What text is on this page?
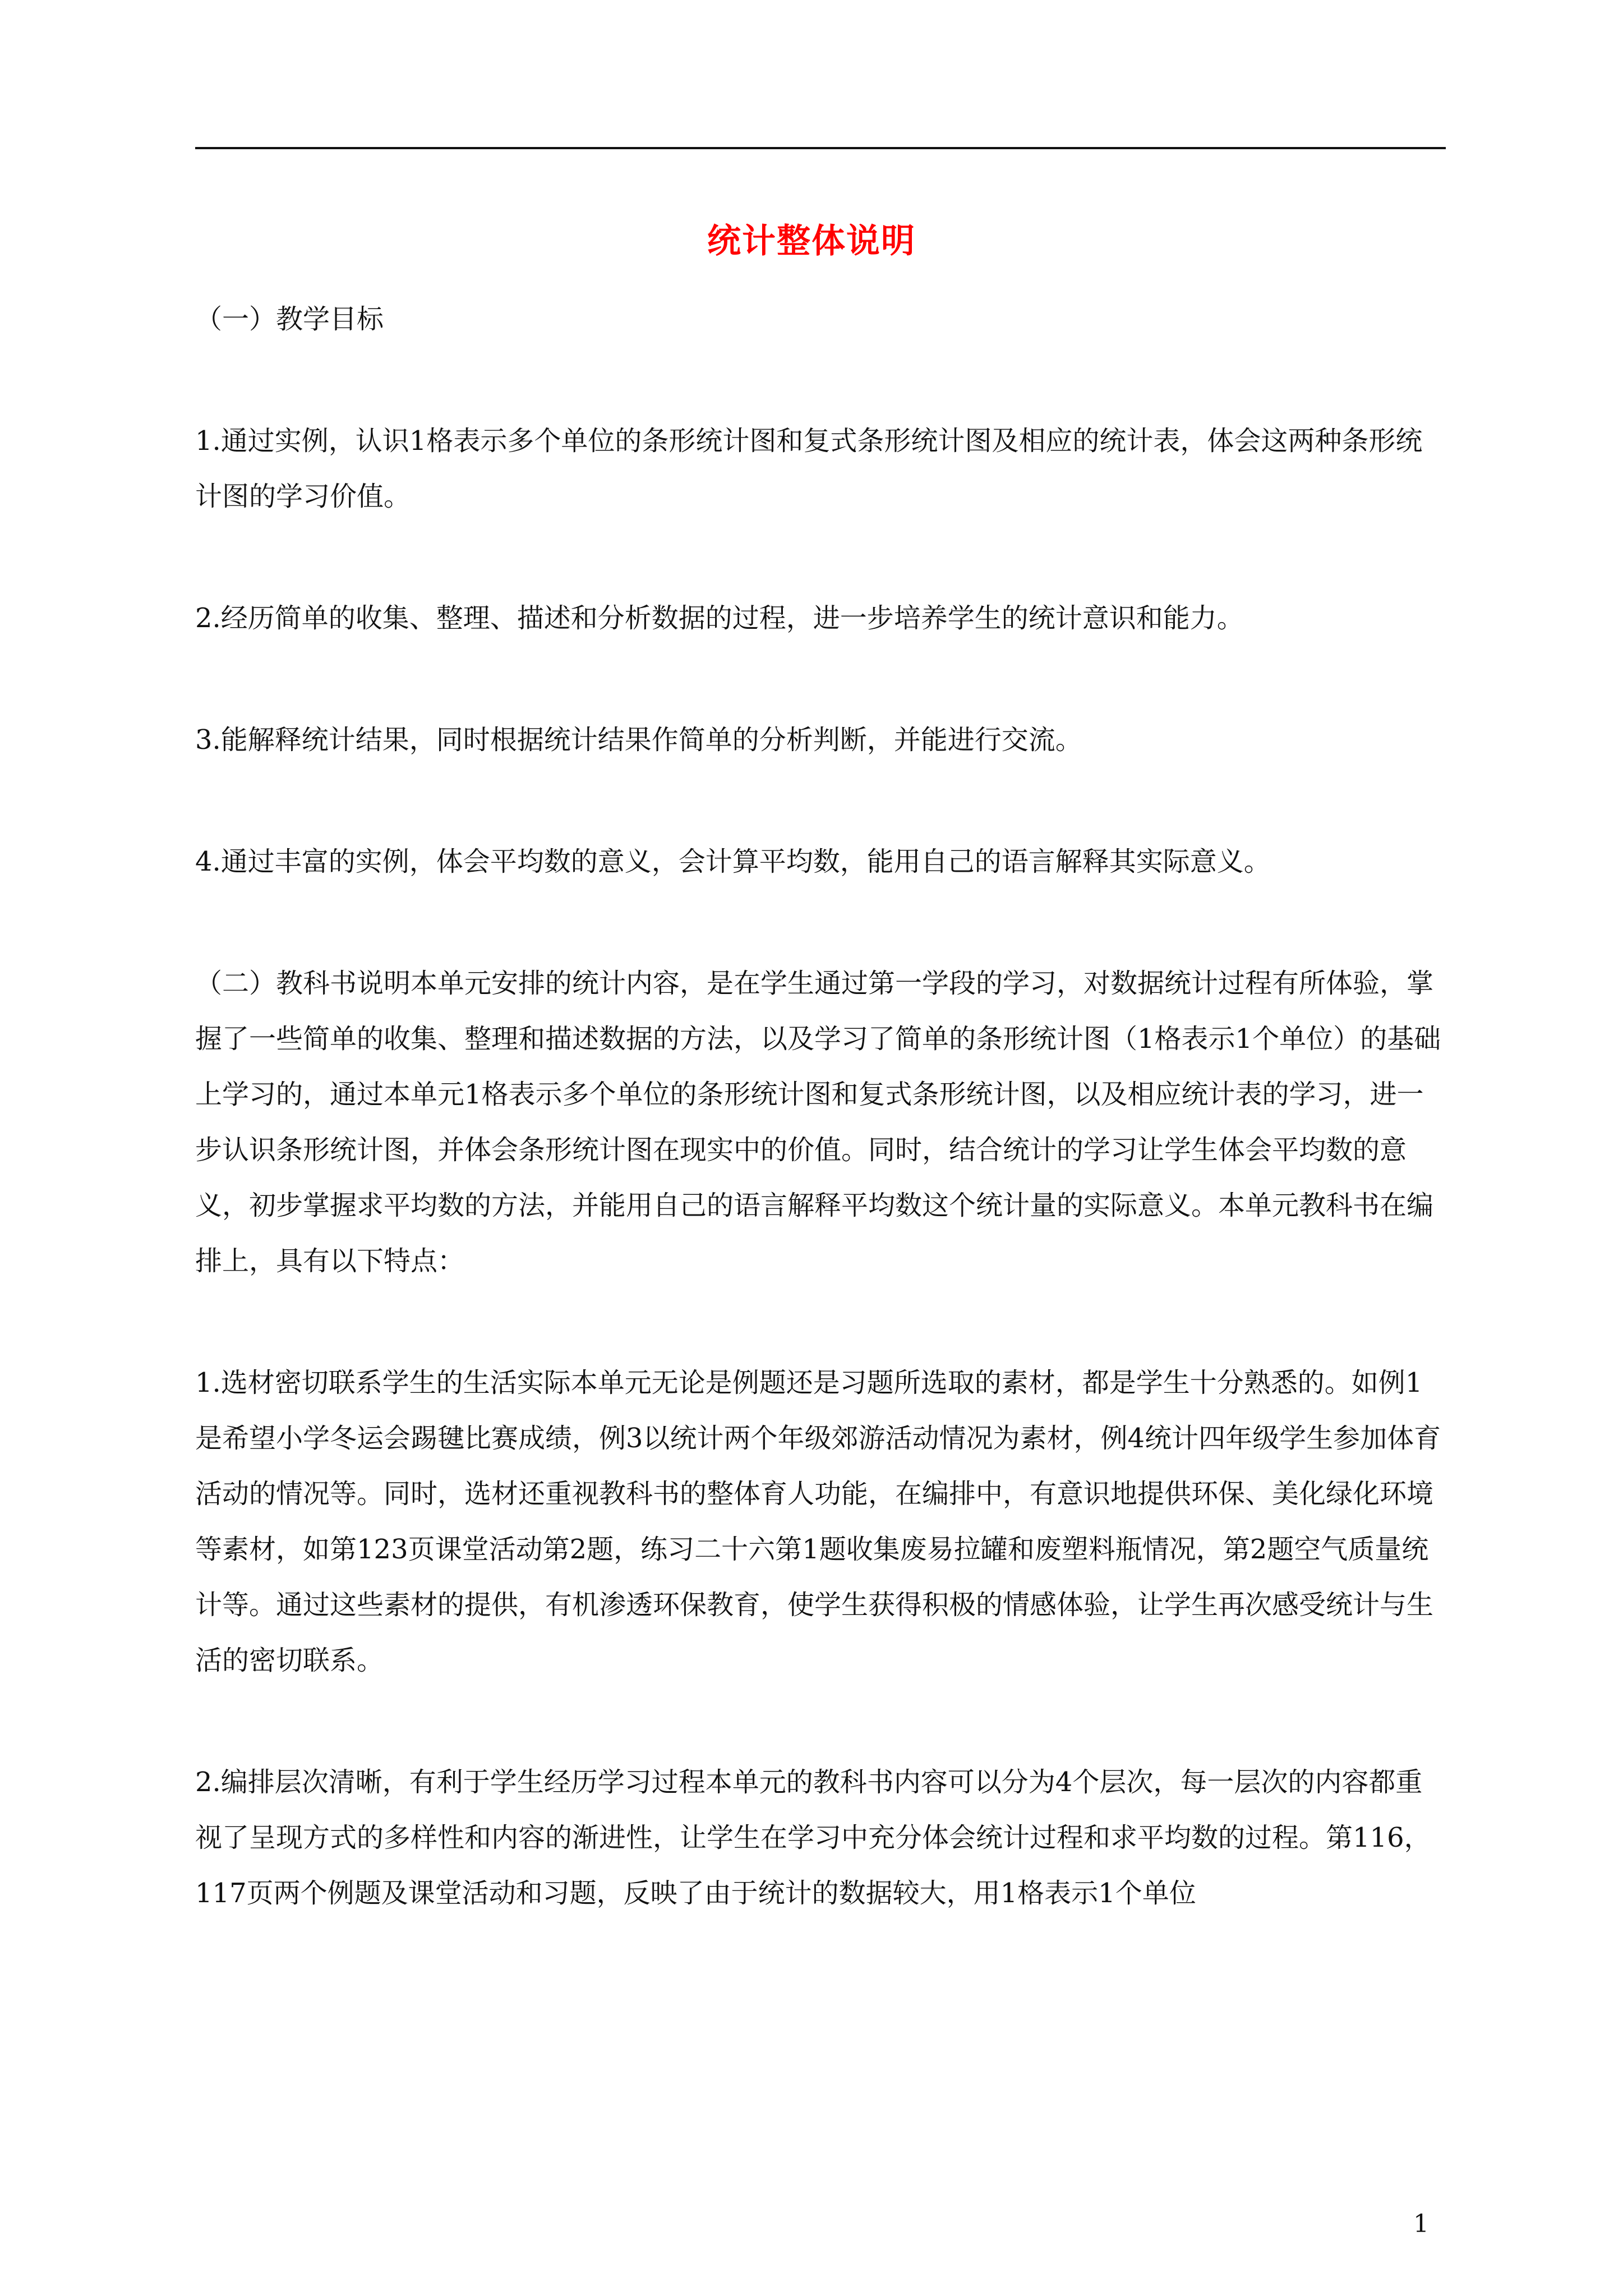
统计整体说明

（一）教学目标

1.通过实例，认识1格表示多个单位的条形统计图和复式条形统计图及相应的统计表，体会这两种条形统计图的学习价值。

2.经历简单的收集、整理、描述和分析数据的过程，进一步培养学生的统计意识和能力。

3.能解释统计结果，同时根据统计结果作简单的分析判断，并能进行交流。

4.通过丰富的实例，体会平均数的意义，会计算平均数，能用自己的语言解释其实际意义。

（二）教科书说明本单元安排的统计内容，是在学生通过第一学段的学习，对数据统计过程有所体验，掌握了一些简单的收集、整理和描述数据的方法，以及学习了简单的条形统计图（1格表示1个单位）的基础上学习的，通过本单元1格表示多个单位的条形统计图和复式条形统计图，以及相应统计表的学习，进一步认识条形统计图，并体会条形统计图在现实中的价值。同时，结合统计的学习让学生体会平均数的意义，初步掌握求平均数的方法，并能用自己的语言解释平均数这个统计量的实际意义。本单元教科书在编排上，具有以下特点：

1.选材密切联系学生的生活实际本单元无论是例题还是习题所选取的素材，都是学生十分熟悉的。如例1是希望小学冬运会踢毽比赛成绩，例3以统计两个年级郊游活动情况为素材，例4统计四年级学生参加体育活动的情况等。同时，选材还重视教科书的整体育人功能，在编排中，有意识地提供环保、美化绿化环境等素材，如第123页课堂活动第2题，练习二十六第1题收集废易拉罐和废塑料瓶情况，第2题空气质量统计等。通过这些素材的提供，有机渗透环保教育，使学生获得积极的情感体验，让学生再次感受统计与生活的密切联系。

2.编排层次清晰，有利于学生经历学习过程本单元的教科书内容可以分为4个层次，每一层次的内容都重视了呈现方式的多样性和内容的渐进性，让学生在学习中充分体会统计过程和求平均数的过程。第116，117页两个例题及课堂活动和习题，反映了由于统计的数据较大，用1格表示1个单位

1
